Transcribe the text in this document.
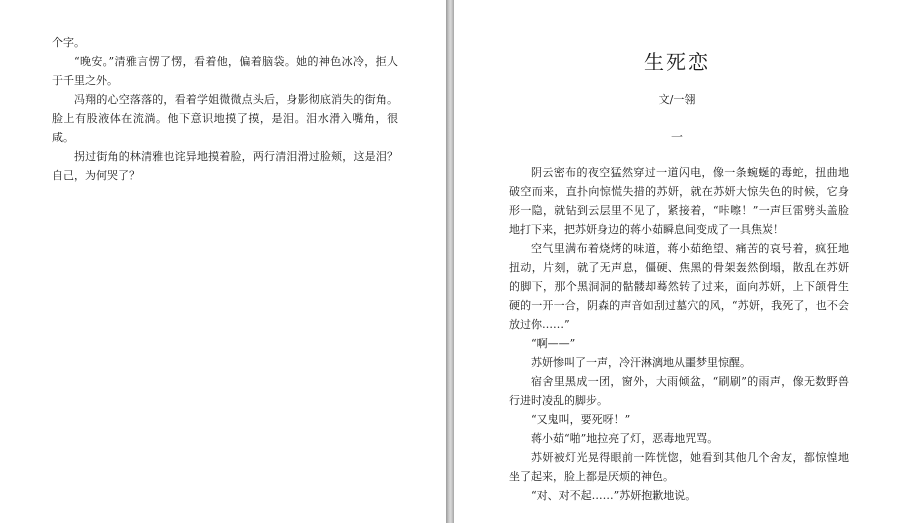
个字。

“晚安。”清雅言愣了愣，看着他，偏着脑袋。她的神色冰冷，拒人于千里之外。

冯翔的心空落落的，看着学姐微微点头后，身影彻底消失的街角。脸上有股液体在流淌。他下意识地摸了摸，是泪。泪水滑入嘴角，很咸。

拐过街角的林清雅也诧异地摸着脸，两行清泪滑过脸颊，这是泪？自己，为何哭了？

生死恋
文/一翎
一

阴云密布的夜空猛然穿过一道闪电，像一条蜿蜒的毒蛇，扭曲地破空而来，直扑向惊慌失措的苏妍，就在苏妍大惊失色的时候，它身形一隐，就钻到云层里不见了，紧接着，“咔嚓！”一声巨雷劈头盖脸地打下来，把苏妍身边的蒋小茹瞬息间变成了一具焦炭！

空气里满布着烧烤的味道，蒋小茹绝望、痛苦的哀号着，疯狂地扭动，片刻，就了无声息，僵硬、焦黑的骨架轰然倒塌，散乱在苏妍的脚下，那个黑洞洞的骷髅却蓦然转了过来，面向苏妍，上下颌骨生硬的一开一合，阴森的声音如刮过墓穴的风，“苏妍，我死了，也不会放过你……”

“啊——”

苏妍惨叫了一声，冷汗淋漓地从噩梦里惊醒。

宿舍里黑成一团，窗外，大雨倾盆，“刷刷”的雨声，像无数野兽行进时凌乱的脚步。

“又鬼叫，要死呀！”

蒋小茹“啪”地拉亮了灯，恶毒地咒骂。

苏妍被灯光晃得眼前一阵恍惚，她看到其他几个舍友，都惊惶地坐了起来，脸上都是厌烦的神色。

“对、对不起……”苏妍抱歉地说。
